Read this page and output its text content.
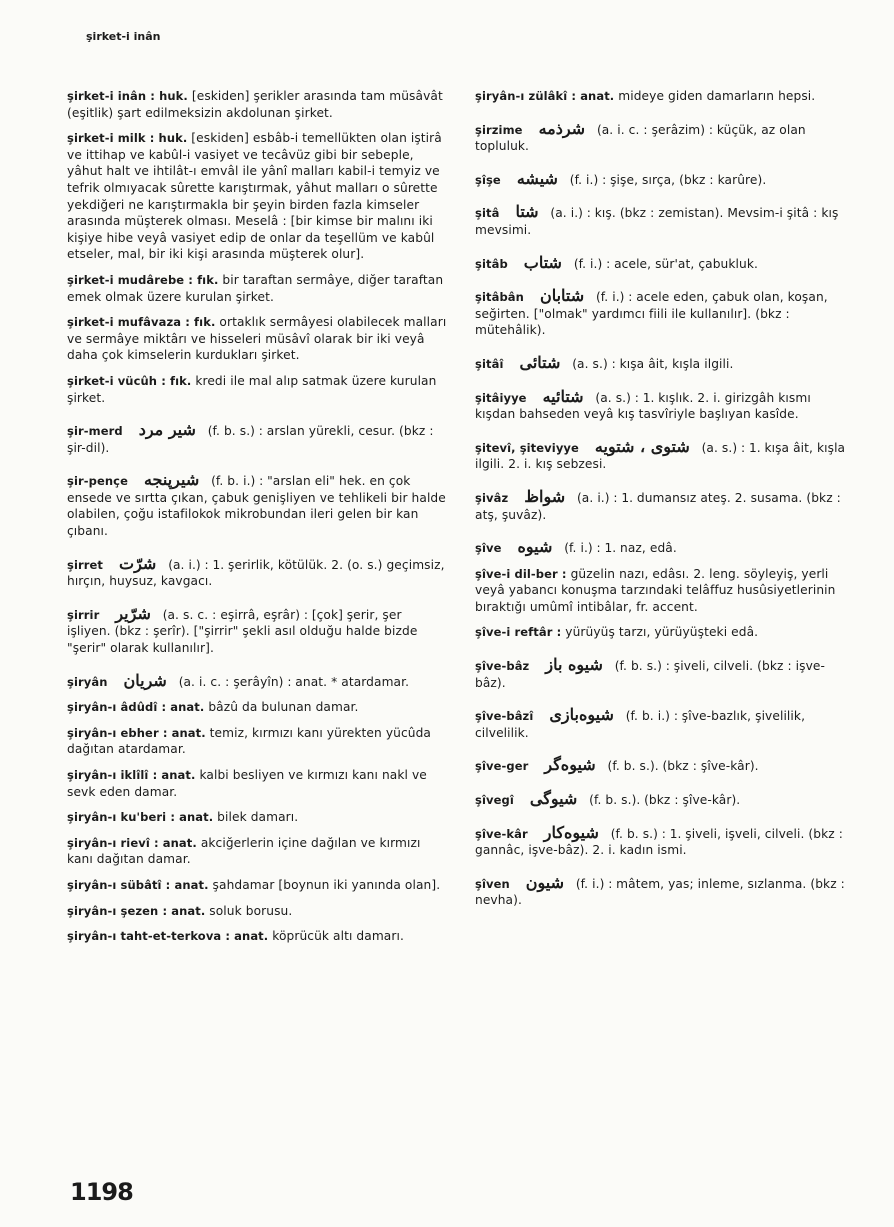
şirket-i inân

şirket-i inân : huk. [eskiden] şerikler arasında tam müsâvât (eşitlik) şart edilmeksizin akdolunan şirket.

şirket-i milk : huk. [eskiden] esbâb-i temellükten olan iştirâ ve ittihap ve kabûl-i vasiyet ve tecâvüz gibi bir sebeple, yâhut halt ve ihtilât-ı emvâl ile yânî malları kabil-i temyiz ve tefrik olmıyacak sûrette karıştırmak, yâhut malları o sûrette yekdiğeri ne karıştırmakla bir şeyin birden fazla kimseler arasında müşterek olması. Meselâ : [bir kimse bir malını iki kişiye hibe veyâ vasiyet edip de onlar da teşellüm ve kabûl etseler, mal, bir iki kişi arasında müşterek olur].

şirket-i mudârebe : fık. bir taraftan sermâye, diğer taraftan emek olmak üzere kurulan şirket.

şirket-i mufâvaza : fık. ortaklık sermâyesi olabilecek malları ve sermâye miktârı ve hisseleri müsâvî olarak bir iki veyâ daha çok kimselerin kurdukları şirket.

şirket-i vücûh : fık. kredi ile mal alıp satmak üzere kurulan şirket.

şir-merd شیر مرد (f. b. s.) : arslan yürekli, cesur. (bkz : şir-dil).

şir-pençe شیرپنجه (f. b. i.) : "arslan eli" hek. en çok ensede ve sırtta çıkan, çabuk genişliyen ve tehlikeli bir halde olabilen, çoğu istafilokok mikrobundan ileri gelen bir kan çıbanı.

şirret شرّت (a. i.) : 1. şerirlik, kötülük. 2. (o. s.) geçimsiz, hırçın, huysuz, kavgacı.

şirrir شرّیر (a. s. c. : eşirrâ, eşrâr) : [çok] şerir, şer işliyen. (bkz : şerîr). ["şirrir" şekli asıl olduğu halde bizde "şerir" olarak kullanılır].

şiryân شریان (a. i. c. : şerâyîn) : anat. * atardamar.

şiryân-ı âdûdî : anat. bâzû da bulunan damar.

şiryân-ı ebher : anat. temiz, kırmızı kanı yürekten yücûda dağıtan atardamar.

şiryân-ı iklîlî : anat. kalbi besliyen ve kırmızı kanı nakl ve sevk eden damar.

şiryân-ı ku'beri : anat. bilek damarı.

şiryân-ı rievî : anat. akciğerlerin içine dağılan ve kırmızı kanı dağıtan damar.

şiryân-ı sübâtî : anat. şahdamar [boynun iki yanında olan].

şiryân-ı şezen : anat. soluk borusu.

şiryân-ı taht-et-terkova : anat. köprücük altı damarı.

şiryân-ı zülâkî : anat. mideye giden damarların hepsi.

şirzime شرذمه (a. i. c. : şerâzim) : küçük, az olan topluluk.

şîşe شیشه (f. i.) : şişe, sırça, (bkz : karûre).

şitâ شتا (a. i.) : kış. (bkz : zemistan). Mevsim-i şitâ : kış mevsimi.

şitâb شتاب (f. i.) : acele, sür'at, çabukluk.

şitâbân شتابان (f. i.) : acele eden, çabuk olan, koşan, seğirten. ["olmak" yardımcı fiili ile kullanılır]. (bkz : mütehâlik).

şitâî شتائی (a. s.) : kışa âit, kışla ilgili.

şitâiyye شتائیه (a. s.) : 1. kışlık. 2. i. girizgâh kısmı kışdan bahseden veyâ kış tasvîriyle başlıyan kasîde.

şitevî, şiteviyye شتوی ، شتویه (a. s.) : 1. kışa âit, kışla ilgili. 2. i. kış sebzesi.

şivâz شواظ (a. i.) : 1. dumansız ateş. 2. susama. (bkz : atş, şuvâz).

şîve شیوه (f. i.) : 1. naz, edâ.

şîve-i dil-ber : güzelin nazı, edâsı. 2. leng. söyleyiş, yerli veyâ yabancı konuşma tarzındaki telâffuz husûsiyetlerinin bıraktığı umûmî intibâlar, fr. accent.

şîve-i reftâr : yürüyüş tarzı, yürüyüşteki edâ.

şîve-bâz شیوه باز (f. b. s.) : şiveli, cilveli. (bkz : işve-bâz).

şîve-bâzî شیوه‌بازی (f. b. i.) : şîve-bazlık, şivelilik, cilvelilik.

şîve-ger شیوه‌گر (f. b. s.). (bkz : şîve-kâr).

şîvegî شیوگی (f. b. s.). (bkz : şîve-kâr).

şîve-kâr شیوه‌کار (f. b. s.) : 1. şiveli, işveli, cilveli. (bkz : gannâc, işve-bâz). 2. i. kadın ismi.

şîven شیون (f. i.) : mâtem, yas; inleme, sızlanma. (bkz : nevha).

1198
